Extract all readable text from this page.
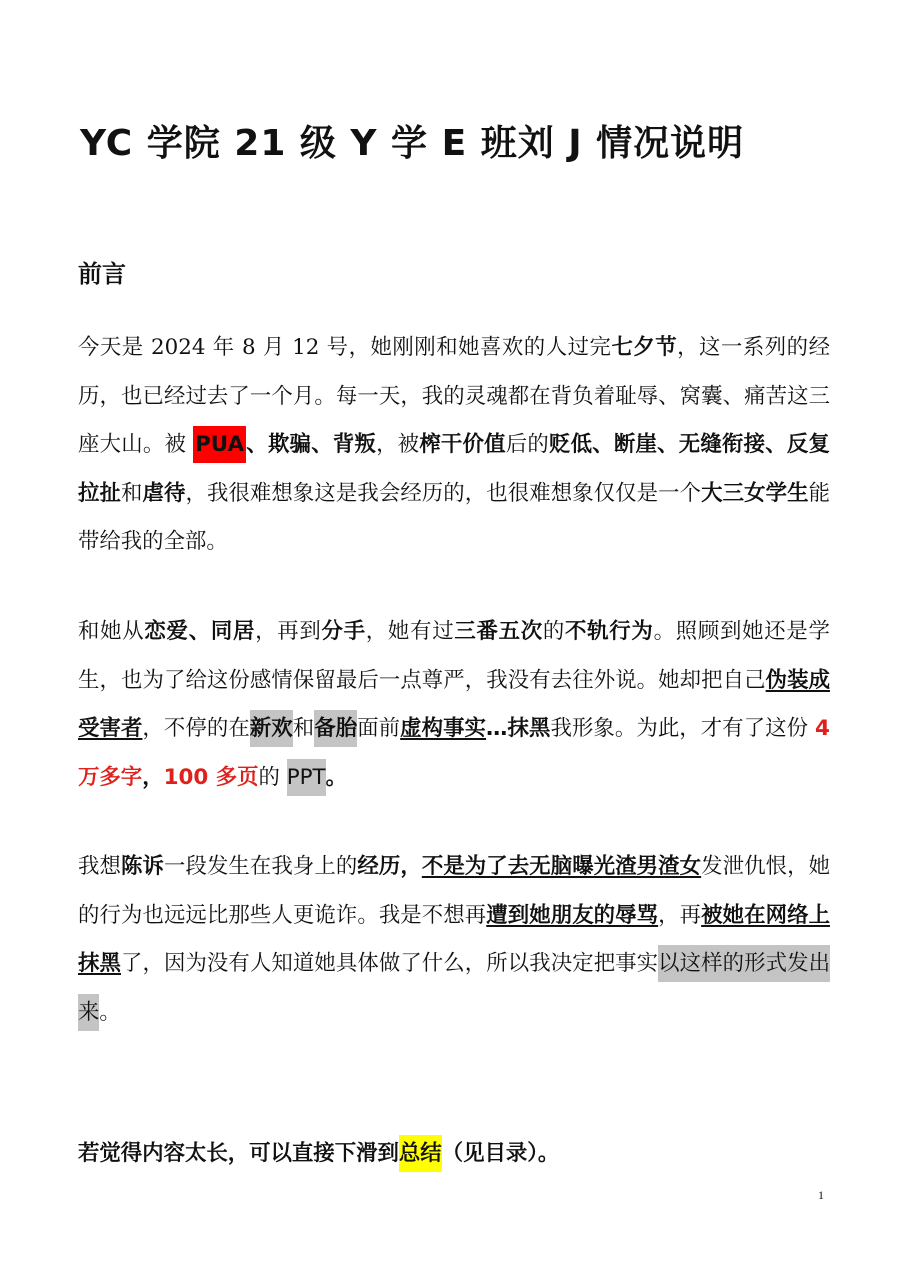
YC 学院 21 级 Y 学 E 班刘 J 情况说明
前言

今天是 2024 年 8 月 12 号，她刚刚和她喜欢的人过完七夕节，这一系列的经历，也已经过去了一个月。每一天，我的灵魂都在背负着耻辱、窝囊、痛苦这三座大山。被 PUA、欺骗、背叛，被榨干价值后的贬低、断崖、无缝衔接、反复拉扯和虐待，我很难想象这是我会经历的，也很难想象仅仅是一个大三女学生能带给我的全部。

和她从恋爱、同居，再到分手，她有过三番五次的不轨行为。照顾到她还是学生，也为了给这份感情保留最后一点尊严，我没有去往外说。她却把自己伪装成受害者，不停的在新欢和备胎面前虚构事实…抹黑我形象。为此，才有了这份 4 万多字，100 多页的 PPT。

我想陈诉一段发生在我身上的经历，不是为了去无脑曝光渣男渣女发泄仇恨，她的行为也远远比那些人更诡诈。我是不想再遭到她朋友的辱骂，再被她在网络上抹黑了，因为没有人知道她具体做了什么，所以我决定把事实以这样的形式发出来。

若觉得内容太长，可以直接下滑到总结（见目录）。
1
